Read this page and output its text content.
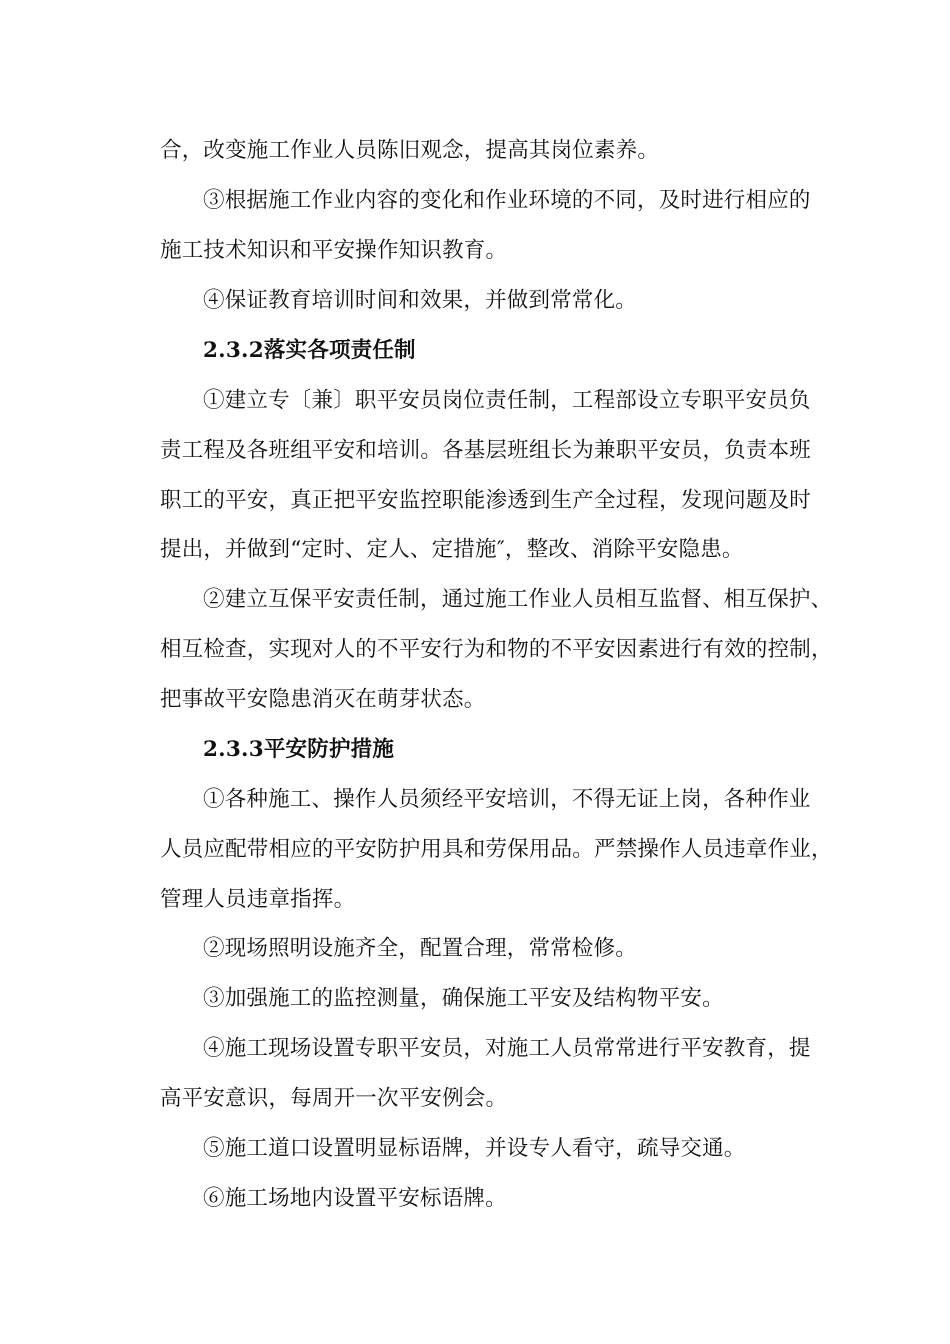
合，改变施工作业人员陈旧观念，提高其岗位素养。
③根据施工作业内容的变化和作业环境的不同，及时进行相应的
施工技术知识和平安操作知识教育。
④保证教育培训时间和效果，并做到常常化。
2.3.2落实各项责任制
①建立专〔兼〕职平安员岗位责任制，工程部设立专职平安员负
责工程及各班组平安和培训。各基层班组长为兼职平安员，负责本班
职工的平安，真正把平安监控职能渗透到生产全过程，发现问题及时
提出，并做到“定时、定人、定措施″，整改、消除平安隐患。
②建立互保平安责任制，通过施工作业人员相互监督、相互保护、
相互检查，实现对人的不平安行为和物的不平安因素进行有效的控制，
把事故平安隐患消灭在萌芽状态。
2.3.3平安防护措施
①各种施工、操作人员须经平安培训，不得无证上岗，各种作业
人员应配带相应的平安防护用具和劳保用品。严禁操作人员违章作业，
管理人员违章指挥。
②现场照明设施齐全，配置合理，常常检修。
③加强施工的监控测量，确保施工平安及结构物平安。
④施工现场设置专职平安员，对施工人员常常进行平安教育，提
高平安意识，每周开一次平安例会。
⑤施工道口设置明显标语牌，并设专人看守，疏导交通。
⑥施工场地内设置平安标语牌。
